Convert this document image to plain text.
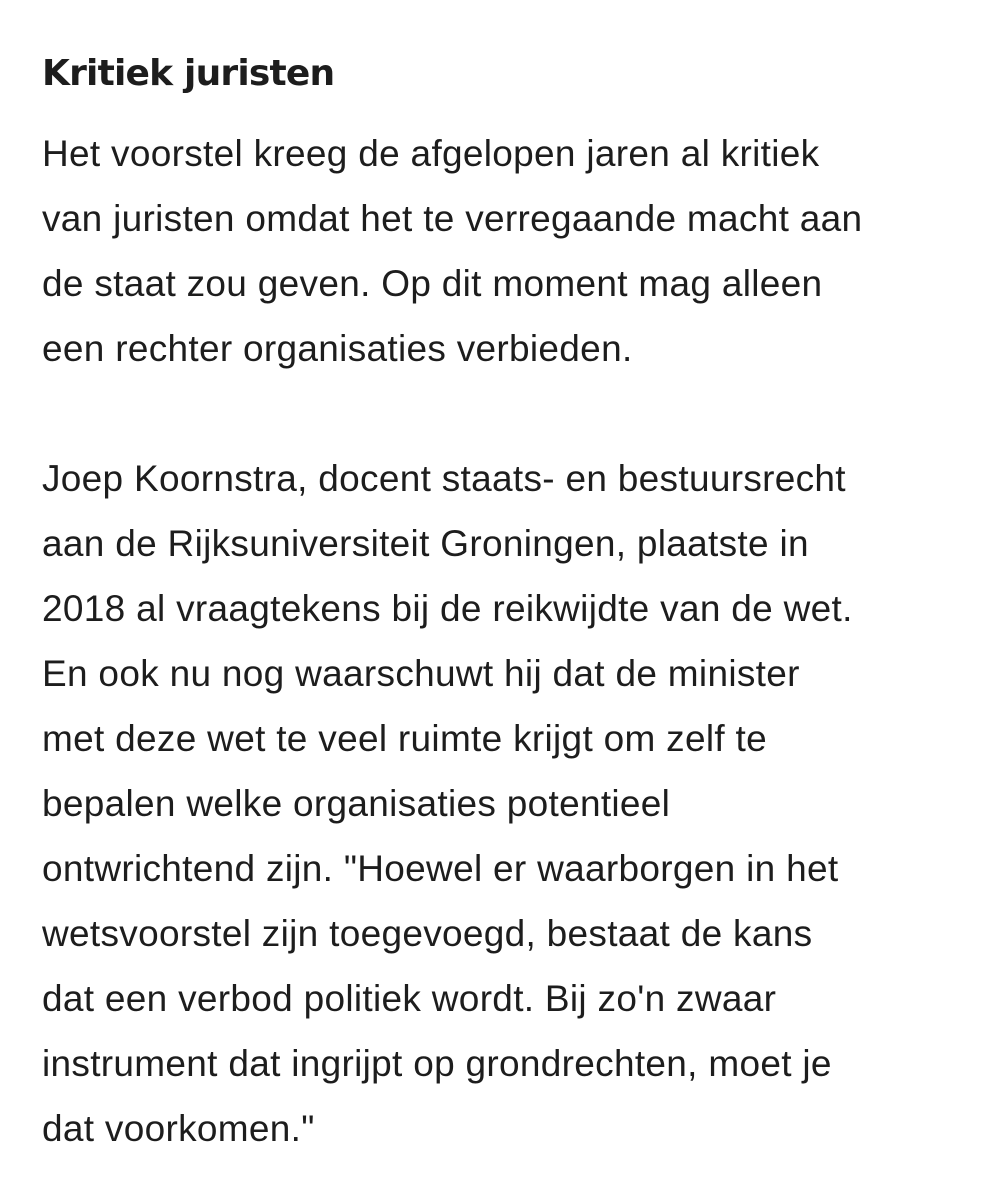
Kritiek juristen

Het voorstel kreeg de afgelopen jaren al kritiek
van juristen omdat het te verregaande macht aan
de staat zou geven. Op dit moment mag alleen
een rechter organisaties verbieden.

Joep Koornstra, docent staats- en bestuursrecht
aan de Rijksuniversiteit Groningen, plaatste in
2018 al vraagtekens bij de reikwijdte van de wet.
En ook nu nog waarschuwt hij dat de minister
met deze wet te veel ruimte krijgt om zelf te
bepalen welke organisaties potentieel
ontwrichtend zijn. "Hoewel er waarborgen in het
wetsvoorstel zijn toegevoegd, bestaat de kans
dat een verbod politiek wordt. Bij zo'n zwaar
instrument dat ingrijpt op grondrechten, moet je
dat voorkomen."
